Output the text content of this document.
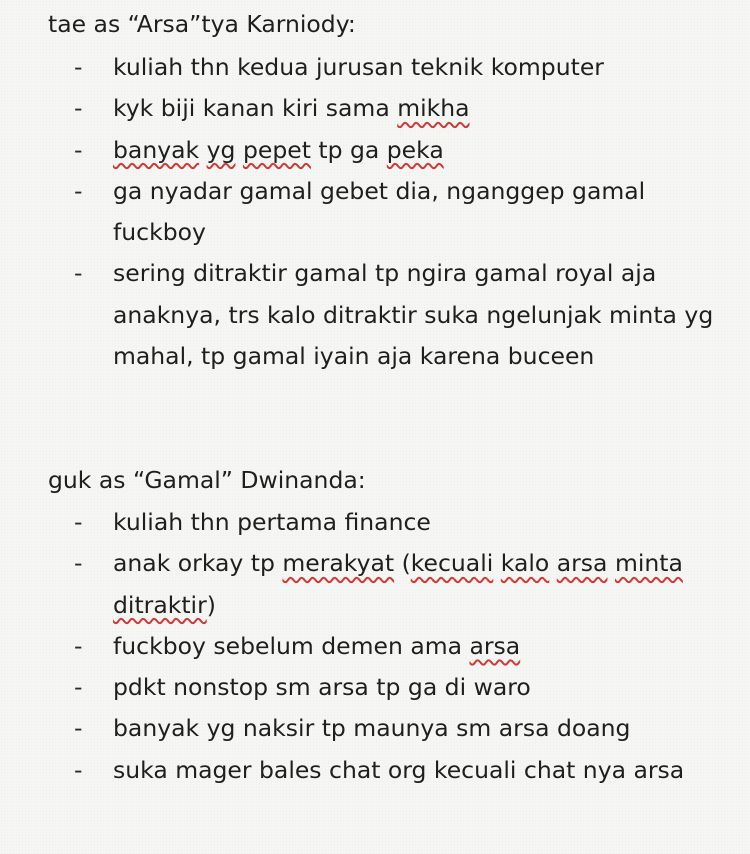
tae as “Arsa”tya Karniody:
- kuliah thn kedua jurusan teknik komputer
- kyk biji kanan kiri sama mikha
- banyak yg pepet tp ga peka
- ga nyadar gamal gebet dia, nganggep gamal fuckboy
- sering ditraktir gamal tp ngira gamal royal aja anaknya, trs kalo ditraktir suka ngelunjak minta yg mahal, tp gamal iyain aja karena buceen
guk as “Gamal” Dwinanda:
- kuliah thn pertama finance
- anak orkay tp merakyat (kecuali kalo arsa minta ditraktir)
- fuckboy sebelum demen ama arsa
- pdkt nonstop sm arsa tp ga di waro
- banyak yg naksir tp maunya sm arsa doang
- suka mager bales chat org kecuali chat nya arsa
